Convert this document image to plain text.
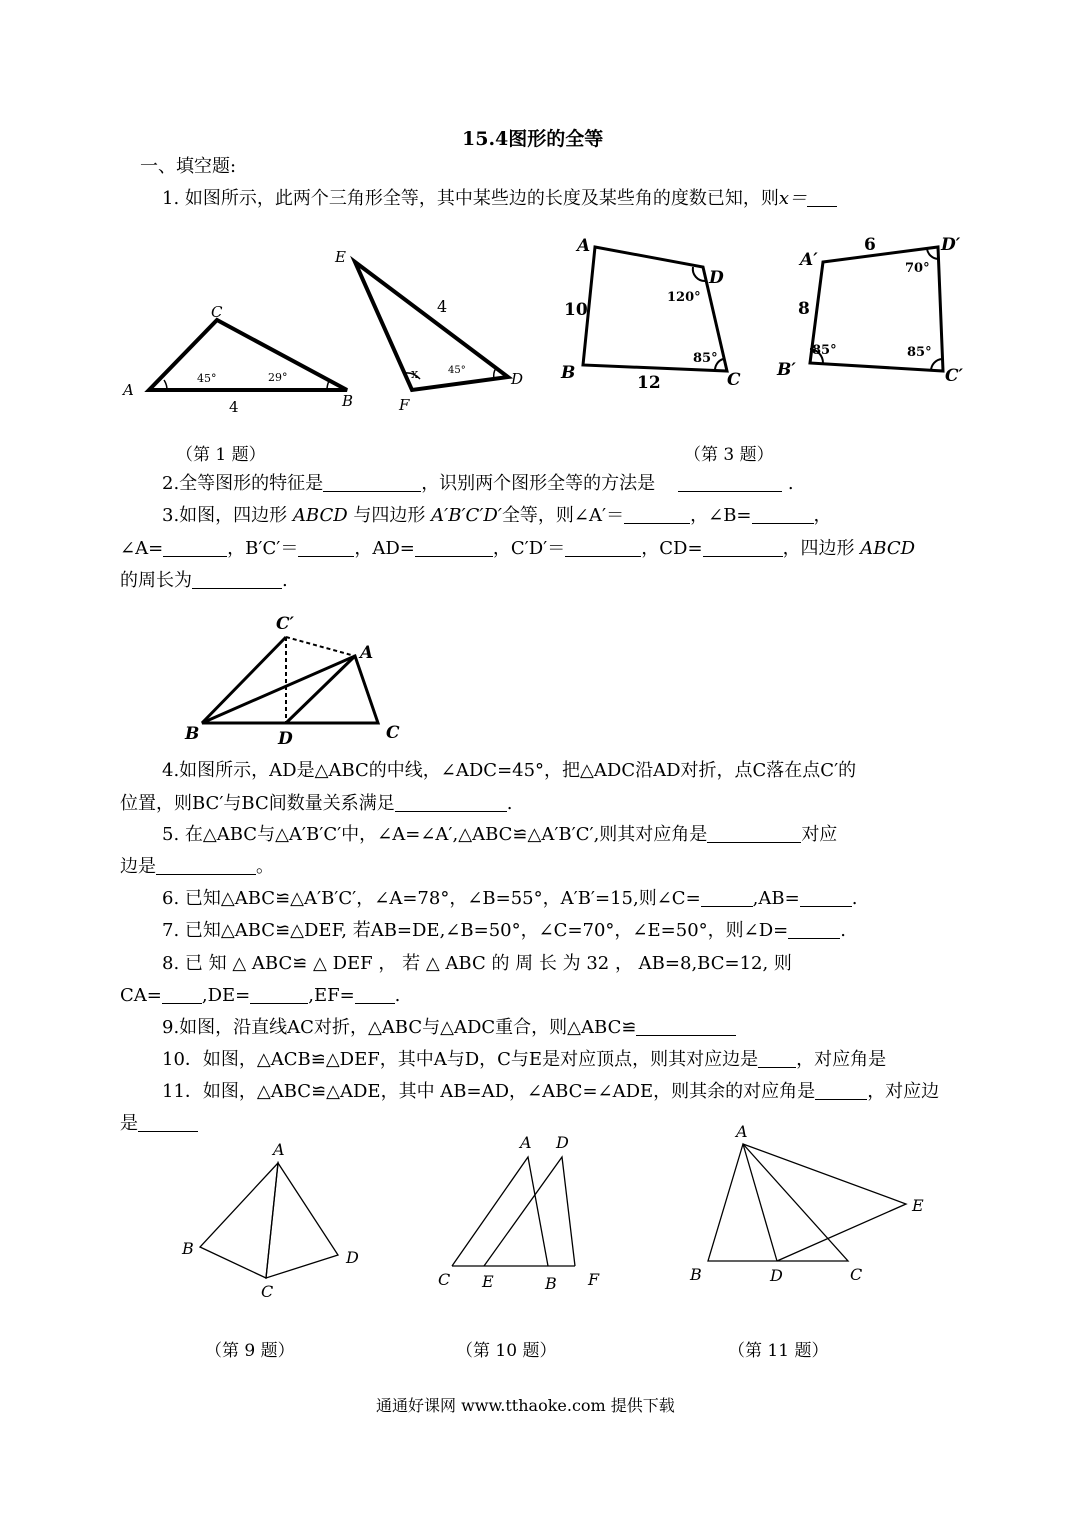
15.4图形的全等
一、填空题:
1. 如图所示，此两个三角形全等，其中某些边的长度及某些角的度数已知，则x＝
A
B
C
4
45°	29°
E
D
F
4
x	45°
A
D
B	C
10
12
120°
85°
A′
D′
B′	C′
6
8
70°
85°	85°
（第 1 题）	（第 3 题）
2.全等图形的特征是	，识别两个图形全等的方法是	.
3.如图，四边形 ABCD 与四边形 A′B′C′D′全等，则∠A′＝	，∠B=	，
∠A=	，B′C′＝	，AD=	，C′D′＝	，CD=	，四边形 ABCD
的周长为	.
C′
A
B	D	C
4.如图所示，AD是△ABC的中线，∠ADC=45°，把△ADC沿AD对折，点C落在点C′的
位置，则BC′与BC间数量关系满足	.
5. 在△ABC与△A′B′C′中，∠A=∠A′,△ABC≌△A′B′C′,则其对应角是	对应
边是	。
6. 已知△ABC≌△A′B′C′，∠A=78°，∠B=55°，A′B′=15,则∠C=	,AB=	.
7. 已知△ABC≌△DEF, 若AB=DE,∠B=50°，∠C=70°，∠E=50°，则∠D=	.
8. 已 知 △ ABC≌ △ DEF ， 若 △ ABC 的 周 长 为 32 ， AB=8,BC=12, 则
CA= ,DE=	,EF= .
9.如图，沿直线AC对折，△ABC与△ADC重合，则△ABC≌
10．如图，△ACB≌△DEF，其中A与D，C与E是对应顶点，则其对应边是 ，对应角是
11．如图，△ABC≌△ADE，其中 AB=AD，∠ABC=∠ADE，则其余的对应角是	，对应边
是
A
B
C
D
A D
C E	B F
A
B	D	C
E
（第 9 题）	（第 10 题）	（第 11 题）
通通好课网 www.tthaoke.com 提供下载
